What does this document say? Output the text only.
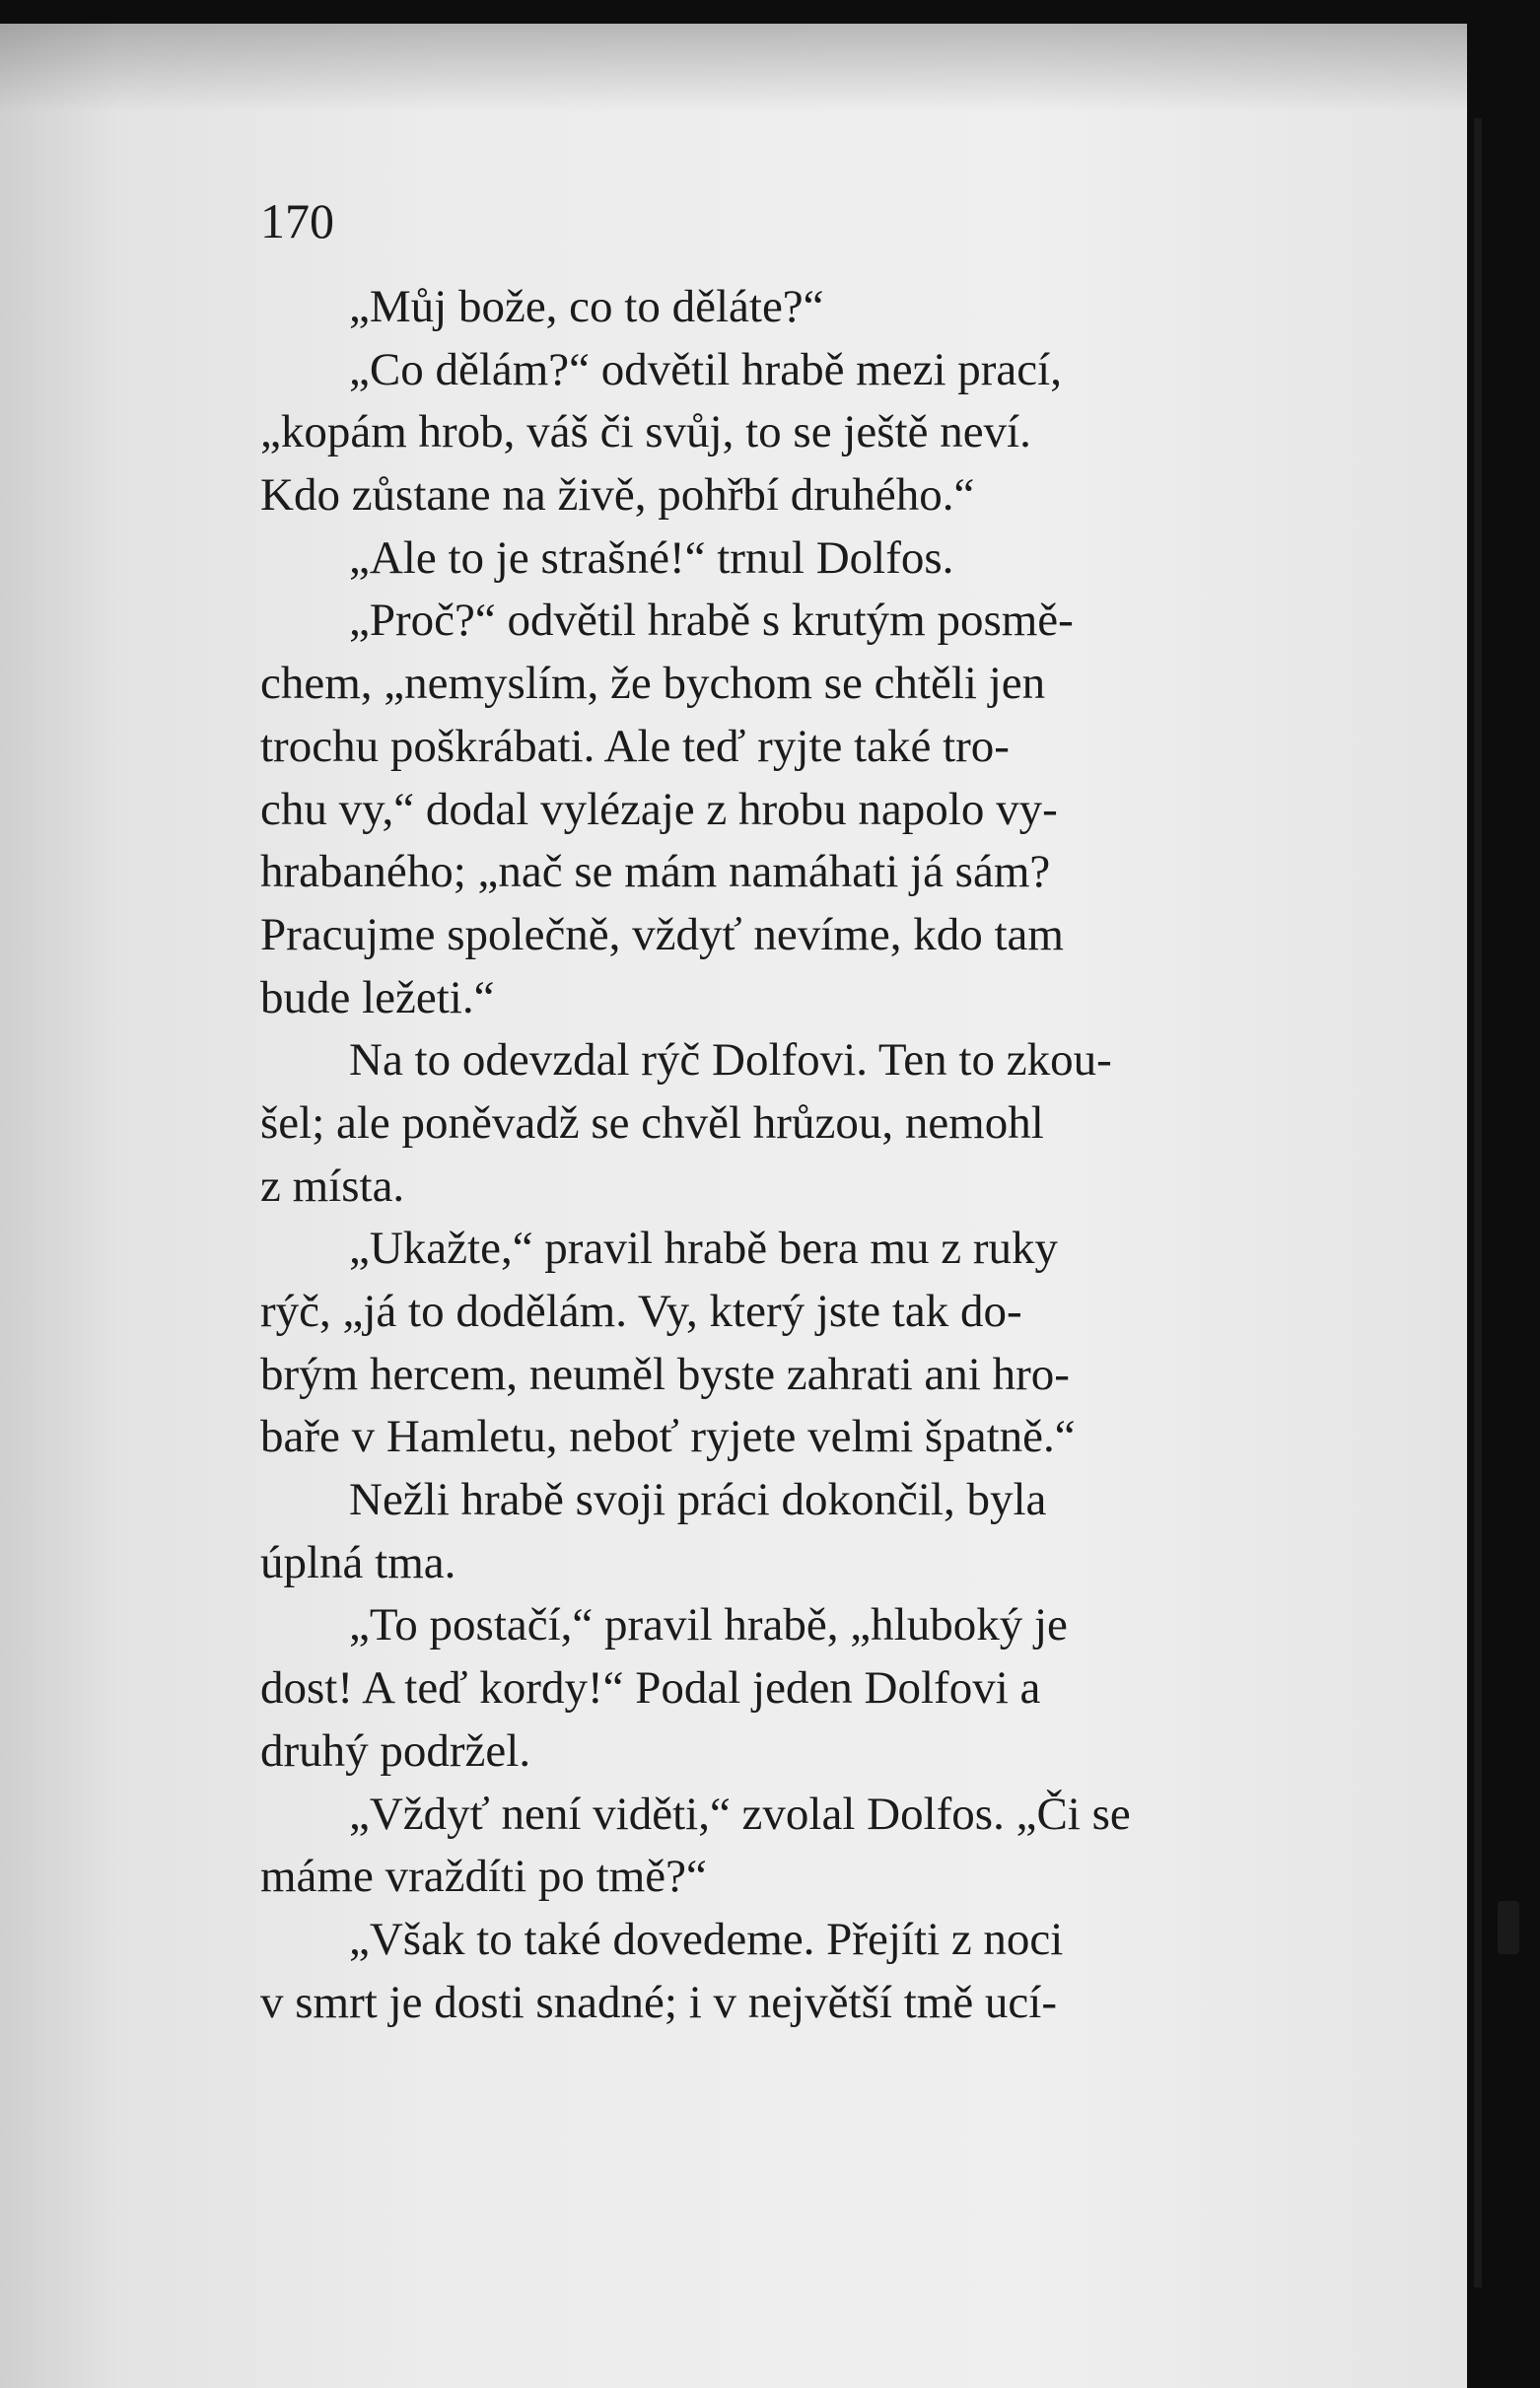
170
„Můj bože, co to děláte?“
„Co dělám?“ odvětil hrabě mezi prací,
„kopám hrob, váš či svůj, to se ještě neví.
Kdo zůstane na živě, pohřbí druhého.“
„Ale to je strašné!“ trnul Dolfos.
„Proč?“ odvětil hrabě s krutým posmě-
chem, „nemyslím, že bychom se chtěli jen
trochu poškrábati. Ale teď ryjte také tro-
chu vy,“ dodal vylézaje z hrobu napolo vy-
hrabaného; „nač se mám namáhati já sám?
Pracujme společně, vždyť nevíme, kdo tam
bude ležeti.“
Na to odevzdal rýč Dolfovi. Ten to zkou-
šel; ale poněvadž se chvěl hrůzou, nemohl
z místa.
„Ukažte,“ pravil hrabě bera mu z ruky
rýč, „já to dodělám. Vy, který jste tak do-
brým hercem, neuměl byste zahrati ani hro-
baře v Hamletu, neboť ryjete velmi špatně.“
Nežli hrabě svoji práci dokončil, byla
úplná tma.
„To postačí,“ pravil hrabě, „hluboký je
dost! A teď kordy!“ Podal jeden Dolfovi a
druhý podržel.
„Vždyť není viděti,“ zvolal Dolfos. „Či se
máme vraždíti po tmě?“
„Však to také dovedeme. Přejíti z noci
v smrt je dosti snadné; i v největší tmě ucí-
